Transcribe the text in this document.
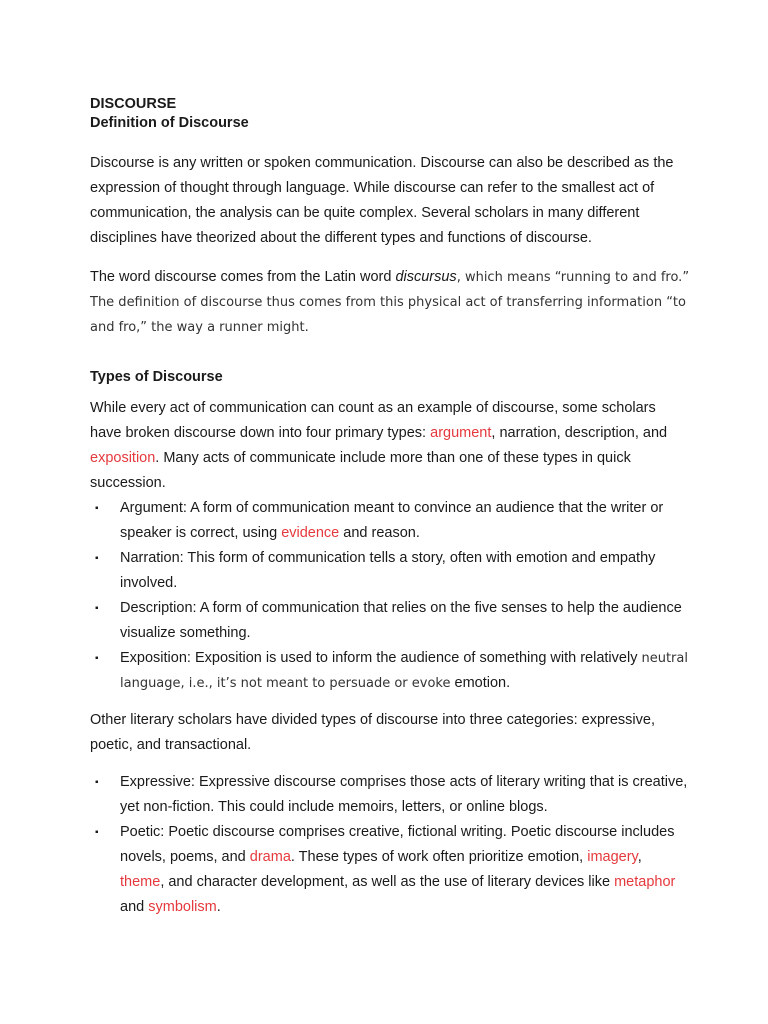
DISCOURSE
Definition of Discourse

Discourse is any written or spoken communication. Discourse can also be described as the expression of thought through language. While discourse can refer to the smallest act of communication, the analysis can be quite complex. Several scholars in many different disciplines have theorized about the different types and functions of discourse.

The word discourse comes from the Latin word discursus, which means “running to and fro.” The definition of discourse thus comes from this physical act of transferring information “to and fro,” the way a runner might.

Types of Discourse

While every act of communication can count as an example of discourse, some scholars have broken discourse down into four primary types: argument, narration, description, and exposition. Many acts of communicate include more than one of these types in quick succession.

▪ Argument: A form of communication meant to convince an audience that the writer or speaker is correct, using evidence and reason.
▪ Narration: This form of communication tells a story, often with emotion and empathy involved.
▪ Description: A form of communication that relies on the five senses to help the audience visualize something.
▪ Exposition: Exposition is used to inform the audience of something with relatively neutral language, i.e., it’s not meant to persuade or evoke emotion.

Other literary scholars have divided types of discourse into three categories: expressive, poetic, and transactional.

▪ Expressive: Expressive discourse comprises those acts of literary writing that is creative, yet non-fiction. This could include memoirs, letters, or online blogs.
▪ Poetic: Poetic discourse comprises creative, fictional writing. Poetic discourse includes novels, poems, and drama. These types of work often prioritize emotion, imagery, theme, and character development, as well as the use of literary devices like metaphor and symbolism.
